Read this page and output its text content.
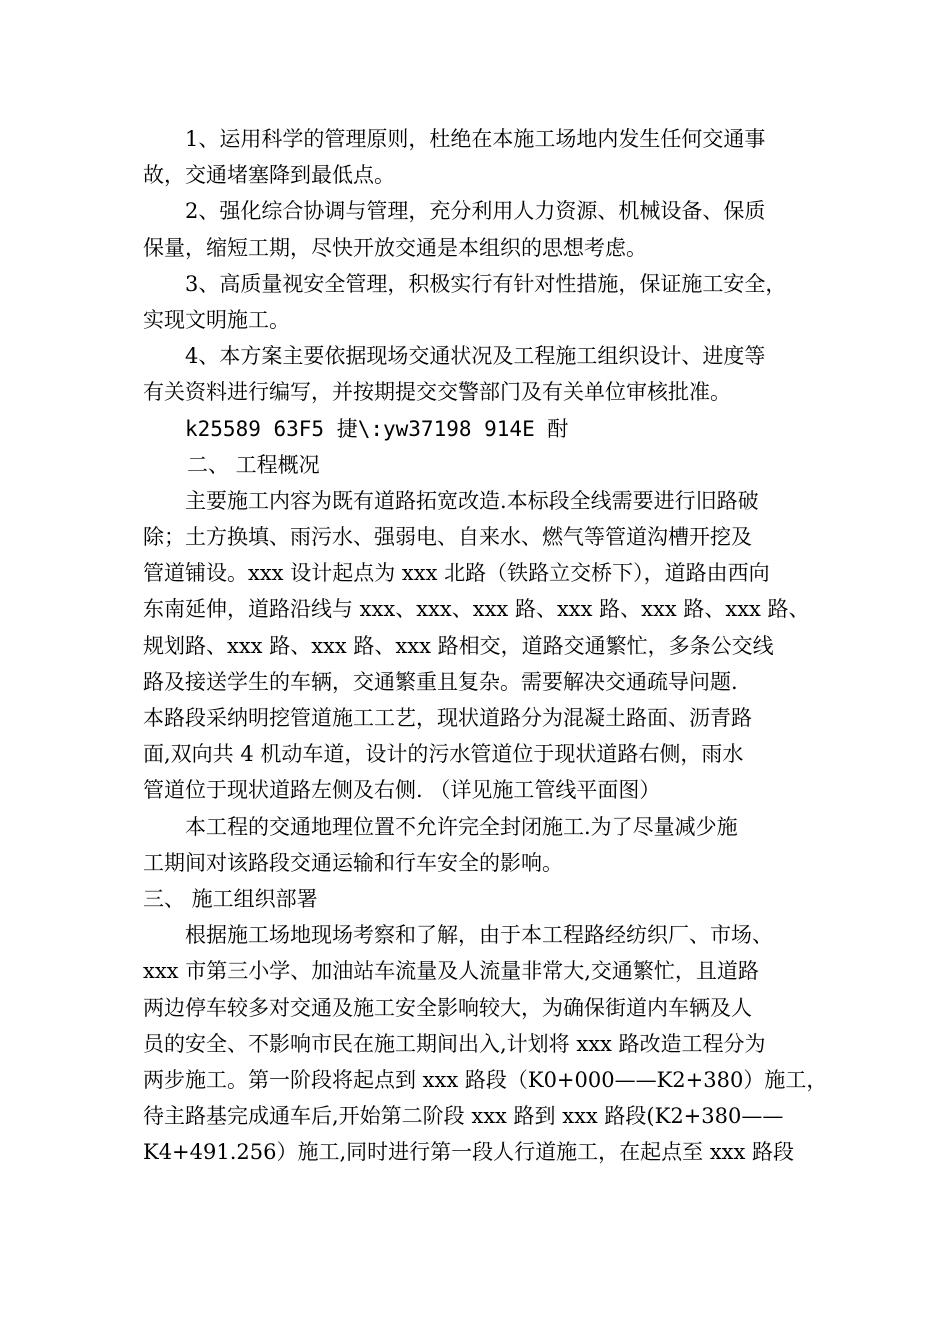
1、运用科学的管理原则，杜绝在本施工场地内发生任何交通事
故，交通堵塞降到最低点。
2、强化综合协调与管理，充分利用人力资源、机械设备、保质
保量，缩短工期，尽快开放交通是本组织的思想考虑。
3、高质量视安全管理，积极实行有针对性措施，保证施工安全，
实现文明施工。
4、本方案主要依据现场交通状况及工程施工组织设计、进度等
有关资料进行编写，并按期提交交警部门及有关单位审核批准。
k25589 63F5 捷\:yw37198 914E 酎
二、 工程概况
主要施工内容为既有道路拓宽改造.本标段全线需要进行旧路破
除；土方换填、雨污水、强弱电、自来水、燃气等管道沟槽开挖及
管道铺设。xxx 设计起点为 xxx 北路（铁路立交桥下），道路由西向
东南延伸，道路沿线与 xxx、xxx、xxx 路、xxx 路、xxx 路、xxx 路、
规划路、xxx 路、xxx 路、xxx 路相交，道路交通繁忙，多条公交线
路及接送学生的车辆，交通繁重且复杂。需要解决交通疏导问题.
本路段采纳明挖管道施工工艺，现状道路分为混凝土路面、沥青路
面,双向共 4 机动车道，设计的污水管道位于现状道路右侧，雨水
管道位于现状道路左侧及右侧. （详见施工管线平面图）
本工程的交通地理位置不允许完全封闭施工.为了尽量减少施
工期间对该路段交通运输和行车安全的影响。
三、 施工组织部署
根据施工场地现场考察和了解，由于本工程路经纺织厂、市场、
xxx 市第三小学、加油站车流量及人流量非常大,交通繁忙，且道路
两边停车较多对交通及施工安全影响较大，为确保街道内车辆及人
员的安全、不影响市民在施工期间出入,计划将 xxx 路改造工程分为
两步施工。第一阶段将起点到 xxx 路段（K0+000——K2+380）施工，
待主路基完成通车后,开始第二阶段 xxx 路到 xxx 路段(K2+380——
K4+491.256）施工,同时进行第一段人行道施工，在起点至 xxx 路段
